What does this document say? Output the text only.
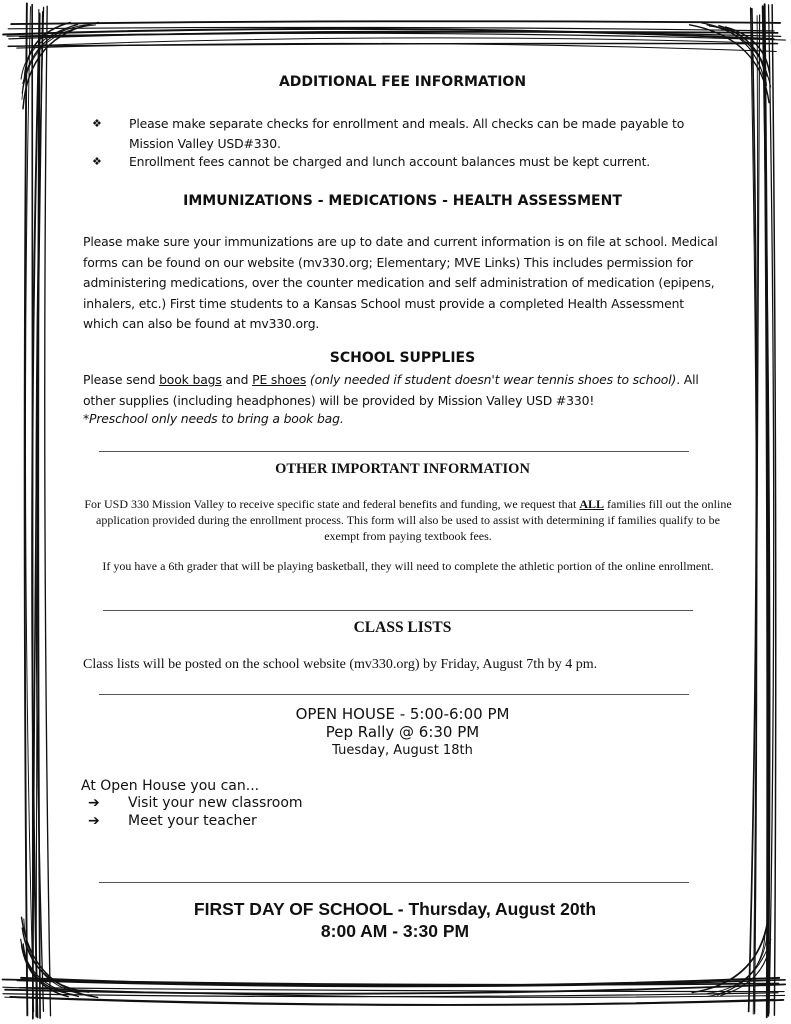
ADDITIONAL FEE INFORMATION
❖	Please make separate checks for enrollment and meals. All checks can be made payable to Mission Valley USD#330.
❖	Enrollment fees cannot be charged and lunch account balances must be kept current.
IMMUNIZATIONS - MEDICATIONS - HEALTH ASSESSMENT
Please make sure your immunizations are up to date and current information is on file at school. Medical forms can be found on our website (mv330.org; Elementary; MVE Links) This includes permission for administering medications, over the counter medication and self administration of medication (epipens, inhalers, etc.) First time students to a Kansas School must provide a completed Health Assessment which can also be found at mv330.org.
SCHOOL SUPPLIES
Please send book bags and PE shoes (only needed if student doesn't wear tennis shoes to school). All other supplies (including headphones) will be provided by Mission Valley USD #330!
*Preschool only needs to bring a book bag.
OTHER IMPORTANT INFORMATION
For USD 330 Mission Valley to receive specific state and federal benefits and funding, we request that ALL families fill out the online application provided during the enrollment process. This form will also be used to assist with determining if families qualify to be exempt from paying textbook fees.
If you have a 6th grader that will be playing basketball, they will need to complete the athletic portion of the online enrollment.
CLASS LISTS
Class lists will be posted on the school website (mv330.org) by Friday, August 7th by 4 pm.
OPEN HOUSE - 5:00-6:00 PM
Pep Rally @ 6:30 PM
Tuesday, August 18th
At Open House you can...
➔ Visit your new classroom
➔ Meet your teacher
FIRST DAY OF SCHOOL - Thursday, August 20th
8:00 AM - 3:30 PM
